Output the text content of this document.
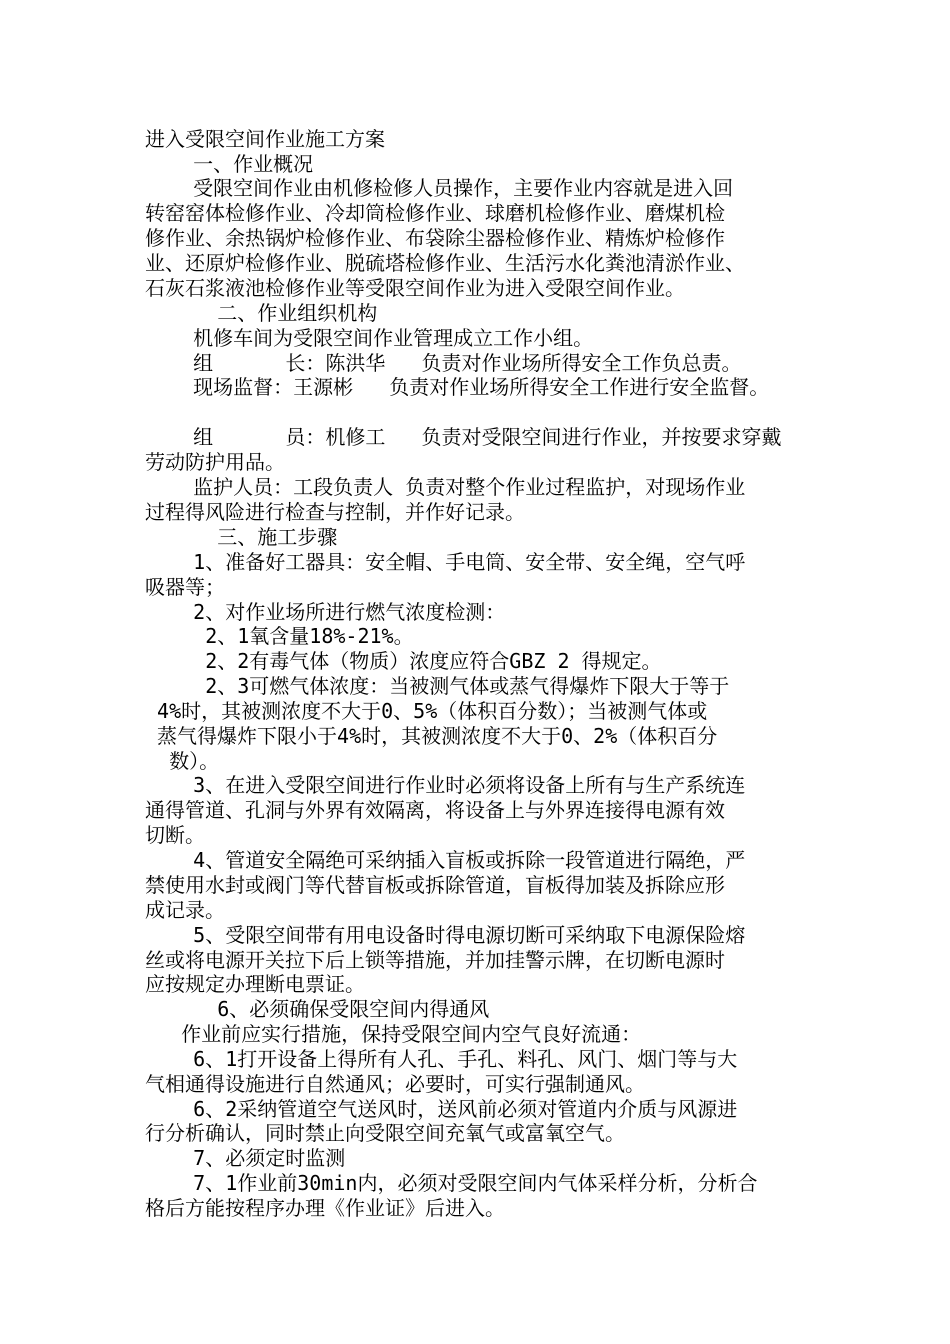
进入受限空间作业施工方案
一、作业概况
受限空间作业由机修检修人员操作，主要作业内容就是进入回
转窑窑体检修作业、冷却筒检修作业、球磨机检修作业、磨煤机检
修作业、余热锅炉检修作业、布袋除尘器检修作业、精炼炉检修作
业、还原炉检修作业、脱硫塔检修作业、生活污水化粪池清淤作业、
石灰石浆液池检修作业等受限空间作业为进入受限空间作业。
二、作业组织机构
机修车间为受限空间作业管理成立工作小组。
组      长：陈洪华   负责对作业场所得安全工作负总责。
现场监督：王源彬   负责对作业场所得安全工作进行安全监督。
组      员：机修工   负责对受限空间进行作业，并按要求穿戴
劳动防护用品。
监护人员：工段负责人 负责对整个作业过程监护，对现场作业
过程得风险进行检查与控制，并作好记录。
三、施工步骤
1、准备好工器具：安全帽、手电筒、安全带、安全绳，空气呼
吸器等；
2、对作业场所进行燃气浓度检测：
2、1氧含量18%-21%。
2、2有毒气体（物质）浓度应符合GBZ 2 得规定。
2、3可燃气体浓度：当被测气体或蒸气得爆炸下限大于等于
4%时，其被测浓度不大于0、5%（体积百分数）；当被测气体或
蒸气得爆炸下限小于4%时，其被测浓度不大于0、2%（体积百分
数）。
3、在进入受限空间进行作业时必须将设备上所有与生产系统连
通得管道、孔洞与外界有效隔离，将设备上与外界连接得电源有效
切断。
4、管道安全隔绝可采纳插入盲板或拆除一段管道进行隔绝，严
禁使用水封或阀门等代替盲板或拆除管道，盲板得加装及拆除应形
成记录。
5、受限空间带有用电设备时得电源切断可采纳取下电源保险熔
丝或将电源开关拉下后上锁等措施，并加挂警示牌，在切断电源时
应按规定办理断电票证。
6、必须确保受限空间内得通风
作业前应实行措施，保持受限空间内空气良好流通：
6、1打开设备上得所有人孔、手孔、料孔、风门、烟门等与大
气相通得设施进行自然通风；必要时，可实行强制通风。
6、2采纳管道空气送风时，送风前必须对管道内介质与风源进
行分析确认，同时禁止向受限空间充氧气或富氧空气。
7、必须定时监测
7、1作业前30min内，必须对受限空间内气体采样分析，分析合
格后方能按程序办理《作业证》后进入。
